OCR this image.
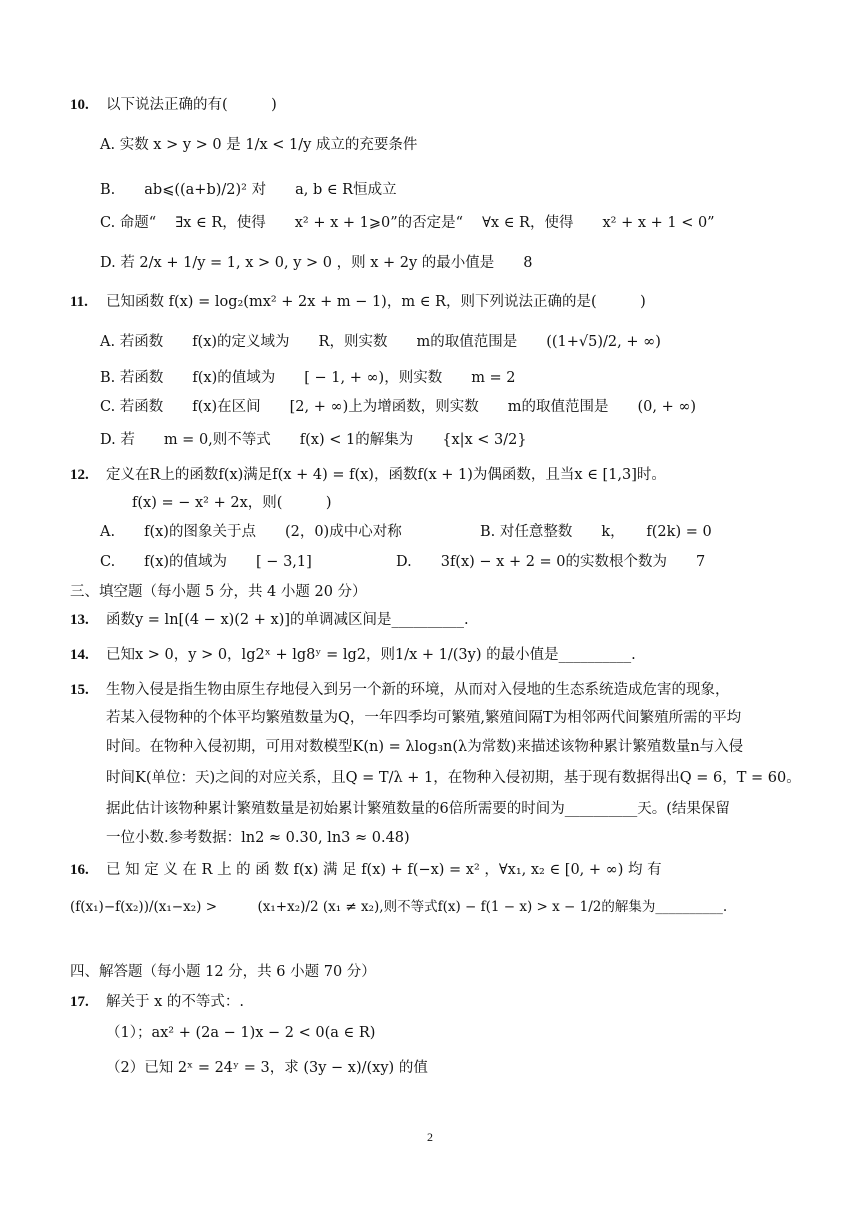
10. 以下说法正确的有(　　　)
A. 实数 x > y > 0 是 1/x < 1/y 成立的充要条件
B.　　ab⩽((a+b)/2)² 对　　a, b ∈ R恒成立
C. 命题“　 ∃x ∈ R，使得　　x² + x + 1⩾0”的否定是“　 ∀x ∈ R，使得　　x² + x + 1 < 0”
D. 若 2/x + 1/y = 1, x > 0, y > 0 ，则 x + 2y 的最小值是　　8
11. 已知函数 f(x) = log₂(mx² + 2x + m − 1)，m ∈ R，则下列说法正确的是(　　　)
A. 若函数　　f(x)的定义域为　　R，则实数　　m的取值范围是　　((1+√5)/2, + ∞)
B. 若函数　　f(x)的值域为　　[ − 1, + ∞)，则实数　　m = 2
C. 若函数　　f(x)在区间　　[2, + ∞)上为增函数，则实数　　m的取值范围是　　(0, + ∞)
D. 若　　m = 0,则不等式　　f(x) < 1的解集为　　{x|x < 3/2}
12. 定义在R上的函数f(x)满足f(x + 4) = f(x)，函数f(x + 1)为偶函数，且当x ∈ [1,3]时。
f(x) = − x² + 2x，则(　　　)
A.　　f(x)的图象关于点　　(2，0)成中心对称	B. 对任意整数　　k，　　f(2k) = 0
C.　　f(x)的值域为　　[ − 3,1]	D.　　3f(x) − x + 2 = 0的实数根个数为　　7
三、填空题（每小题 5 分，共 4 小题 20 分）
13. 函数y = ln[(4 − x)(2 + x)]的单调减区间是__________.
14. 已知x > 0，y > 0，lg2ˣ + lg8ʸ = lg2，则1/x + 1/(3y) 的最小值是__________.
15. 生物入侵是指生物由原生存地侵入到另一个新的环境，从而对入侵地的生态系统造成危害的现象，
若某入侵物种的个体平均繁殖数量为Q，一年四季均可繁殖,繁殖间隔T为相邻两代间繁殖所需的平均
时间。在物种入侵初期，可用对数模型K(n) = λlog₃n(λ为常数)来描述该物种累计繁殖数量n与入侵
时间K(单位：天)之间的对应关系，且Q = T/λ + 1，在物种入侵初期，基于现有数据得出Q = 6，T = 60。
据此估计该物种累计繁殖数量是初始累计繁殖数量的6倍所需要的时间为__________天。(结果保留
一位小数.参考数据：ln2 ≈ 0.30, ln3 ≈ 0.48)
16. 已 知 定 义 在 R 上 的 函 数 f(x) 满 足 f(x) + f(−x) = x² ，∀x₁, x₂ ∈ [0, + ∞) 均 有
(f(x₁)−f(x₂))/(x₁−x₂) >　　　(x₁+x₂)/2 (x₁ ≠ x₂),则不等式f(x) − f(1 − x) > x − 1/2的解集为__________.
四、解答题（每小题 12 分，共 6 小题 70 分）
17. 解关于 x 的不等式：.
（1）；ax² + (2a − 1)x − 2 < 0(a ∈ R)
（2）已知 2ˣ = 24ʸ = 3，求 (3y − x)/(xy) 的值
2
